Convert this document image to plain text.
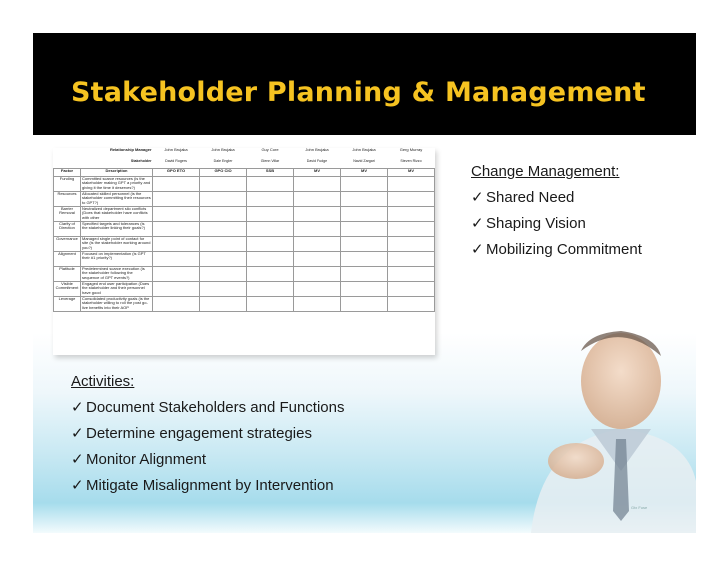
Stakeholder Planning & Management
Gtx Fuse
	Relationship Manager	John Brujaka	John Brujaka	Guy Core	John Brujaka	John Brujaka	Gerg Murray
	Stakeholder	David Rogers	Dale Engler	Glenn Villar	David Fudge	Navid Zargari	Steven Rizzo
Factor	Description	GPO ETO	GPO CIO	SSB	MV	MV	MV
Funding	Committed scarce resources (is the stakeholder making GPT a priority and giving it the time it deserves?)						
Resources	Allocated skilled personnel (is the stakeholder committing their resources to GPT?)						
Barrier Removal	Neutralized department silo conflicts (Does that stakeholder have conflicts with other						
Clarity of Direction	Specified targets and tolerances (is the stakeholder linking their goals?)						
Governance	Managed single point of contact for site (is the stakeholder working around you?)						
Alignment	Focused on implementation (is GPT their #1 priority?)						
Platitude	Predetermined scarce execution (is the stakeholder following the sequence of GPT events?)						
Visible Commitment	Engaged end user participation (Does the stakeholder and their personnel have good						
Leverage	Consolidated productivity goals (is the stakeholder willing to roll the post go-live benefits into their AOP						
Change Management:
✓ Shared Need
✓ Shaping Vision
✓ Mobilizing Commitment
Activities:
✓ Document Stakeholders and Functions
✓ Determine engagement strategies
✓ Monitor Alignment
✓ Mitigate Misalignment by Intervention
